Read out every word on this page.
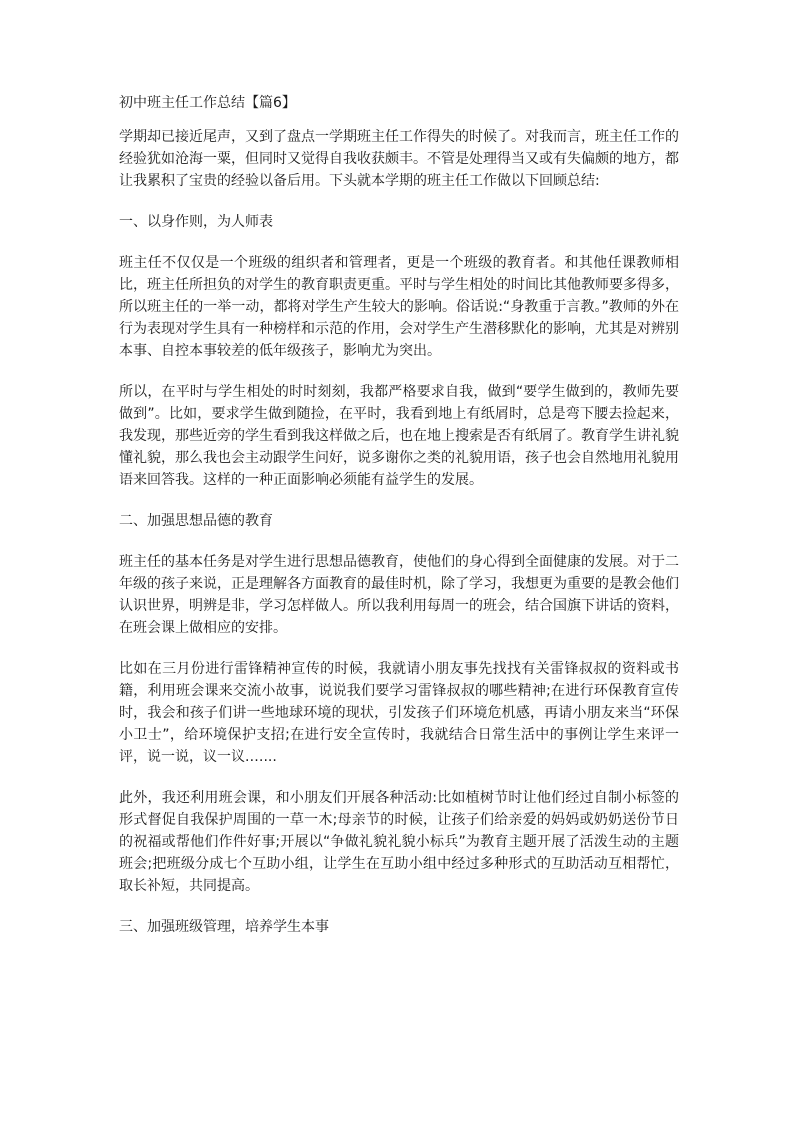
初中班主任工作总结【篇6】

学期却已接近尾声，又到了盘点一学期班主任工作得失的时候了。对我而言，班主任工作的经验犹如沧海一粟，但同时又觉得自我收获颇丰。不管是处理得当又或有失偏颇的地方，都让我累积了宝贵的经验以备后用。下头就本学期的班主任工作做以下回顾总结:

一、以身作则，为人师表

班主任不仅仅是一个班级的组织者和管理者，更是一个班级的教育者。和其他任课教师相比，班主任所担负的对学生的教育职责更重。平时与学生相处的时间比其他教师要多得多，所以班主任的一举一动，都将对学生产生较大的影响。俗话说:“身教重于言教。”教师的外在行为表现对学生具有一种榜样和示范的作用，会对学生产生潜移默化的影响，尤其是对辨别本事、自控本事较差的低年级孩子，影响尤为突出。

所以，在平时与学生相处的时时刻刻，我都严格要求自我，做到“要学生做到的，教师先要做到”。比如，要求学生做到随捡，在平时，我看到地上有纸屑时，总是弯下腰去捡起来，我发现，那些近旁的学生看到我这样做之后，也在地上搜索是否有纸屑了。教育学生讲礼貌懂礼貌，那么我也会主动跟学生问好，说多谢你之类的礼貌用语，孩子也会自然地用礼貌用语来回答我。这样的一种正面影响必须能有益学生的发展。

二、加强思想品德的教育

班主任的基本任务是对学生进行思想品德教育，使他们的身心得到全面健康的发展。对于二年级的孩子来说，正是理解各方面教育的最佳时机，除了学习，我想更为重要的是教会他们认识世界，明辨是非，学习怎样做人。所以我利用每周一的班会，结合国旗下讲话的资料，在班会课上做相应的安排。

比如在三月份进行雷锋精神宣传的时候，我就请小朋友事先找找有关雷锋叔叔的资料或书籍，利用班会课来交流小故事，说说我们要学习雷锋叔叔的哪些精神;在进行环保教育宣传时，我会和孩子们讲一些地球环境的现状，引发孩子们环境危机感，再请小朋友来当“环保小卫士”，给环境保护支招;在进行安全宣传时，我就结合日常生活中的事例让学生来评一评，说一说，议一议.…...

此外，我还利用班会课，和小朋友们开展各种活动:比如植树节时让他们经过自制小标签的形式督促自我保护周围的一草一木;母亲节的时候，让孩子们给亲爱的妈妈或奶奶送份节日的祝福或帮他们作件好事;开展以“争做礼貌礼貌小标兵”为教育主题开展了活泼生动的主题班会;把班级分成七个互助小组，让学生在互助小组中经过多种形式的互助活动互相帮忙，取长补短，共同提高。

三、加强班级管理，培养学生本事
